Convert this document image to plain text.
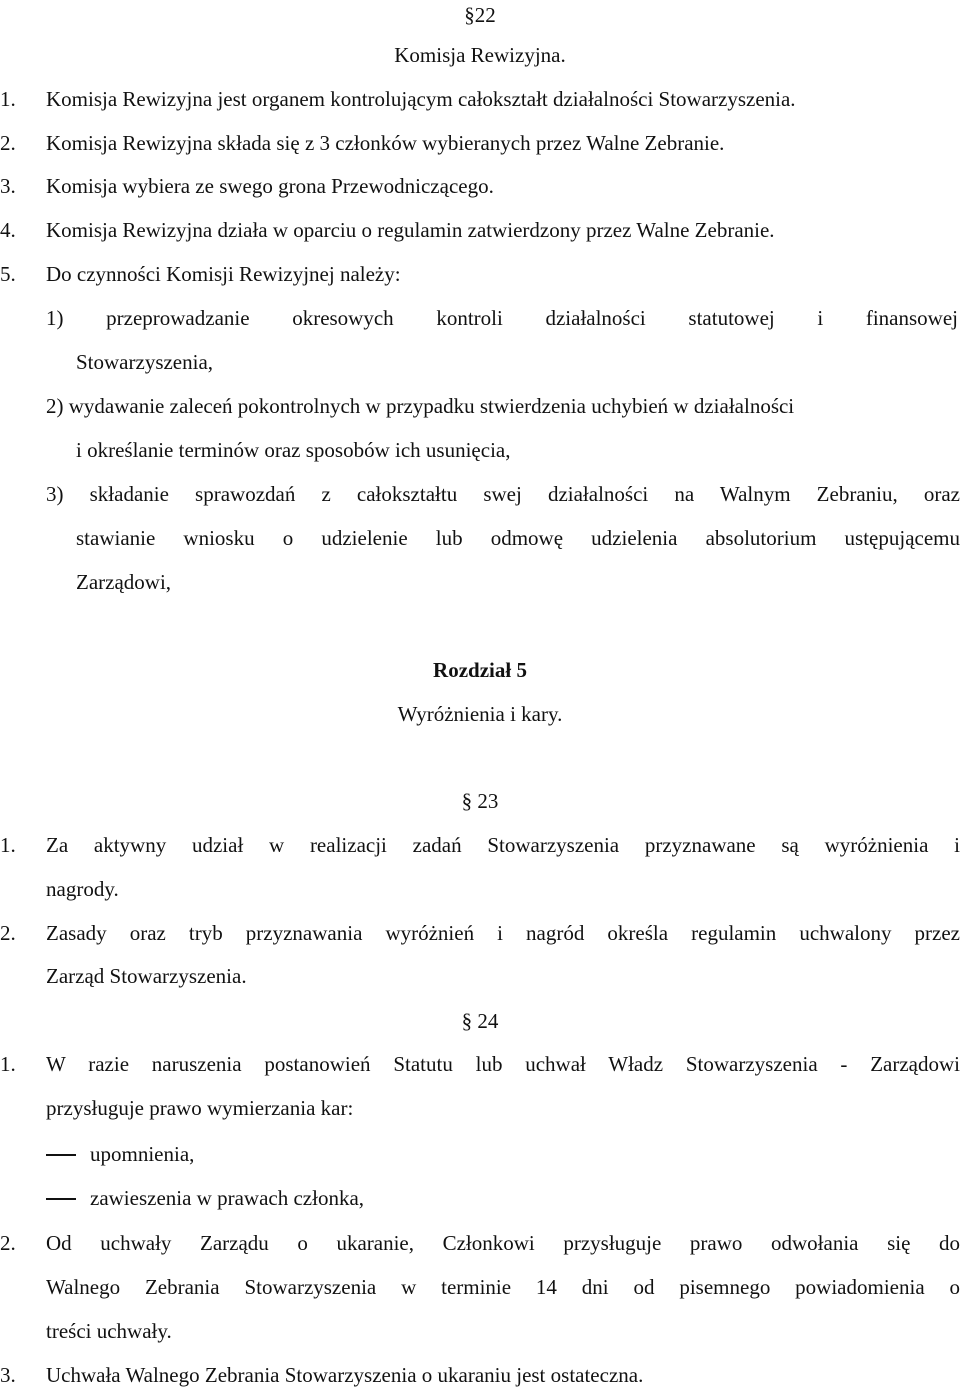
§22
Komisja Rewizyjna.
1. Komisja Rewizyjna jest organem kontrolującym całokształt działalności Stowarzyszenia.
2. Komisja Rewizyjna składa się z 3 członków wybieranych przez Walne Zebranie.
3. Komisja wybiera ze swego grona Przewodniczącego.
4. Komisja Rewizyjna działa w oparciu o regulamin zatwierdzony przez Walne Zebranie.
5. Do czynności Komisji Rewizyjnej należy:
1) przeprowadzanie okresowych kontroli działalności statutowej i finansowej
Stowarzyszenia,
2) wydawanie zaleceń pokontrolnych w przypadku stwierdzenia uchybień w działalności
i określanie terminów oraz sposobów ich usunięcia,
3) składanie sprawozdań z całokształtu swej działalności na Walnym Zebraniu, oraz
stawianie wniosku o udzielenie lub odmowę udzielenia absolutorium ustępującemu
Zarządowi,
Rozdział 5
Wyróżnienia i kary.
§ 23
1. Za aktywny udział w realizacji zadań Stowarzyszenia przyznawane są wyróżnienia i
nagrody.
2. Zasady oraz tryb przyznawania wyróżnień i nagród określa regulamin uchwalony przez
Zarząd Stowarzyszenia.
§ 24
1. W razie naruszenia postanowień Statutu lub uchwał Władz Stowarzyszenia - Zarządowi
przysługuje prawo wymierzania kar:
upomnienia,
zawieszenia w prawach członka,
2. Od uchwały Zarządu o ukaranie, Członkowi przysługuje prawo odwołania się do
Walnego Zebrania Stowarzyszenia w terminie 14 dni od pisemnego powiadomienia o
treści uchwały.
3. Uchwała Walnego Zebrania Stowarzyszenia o ukaraniu jest ostateczna.
